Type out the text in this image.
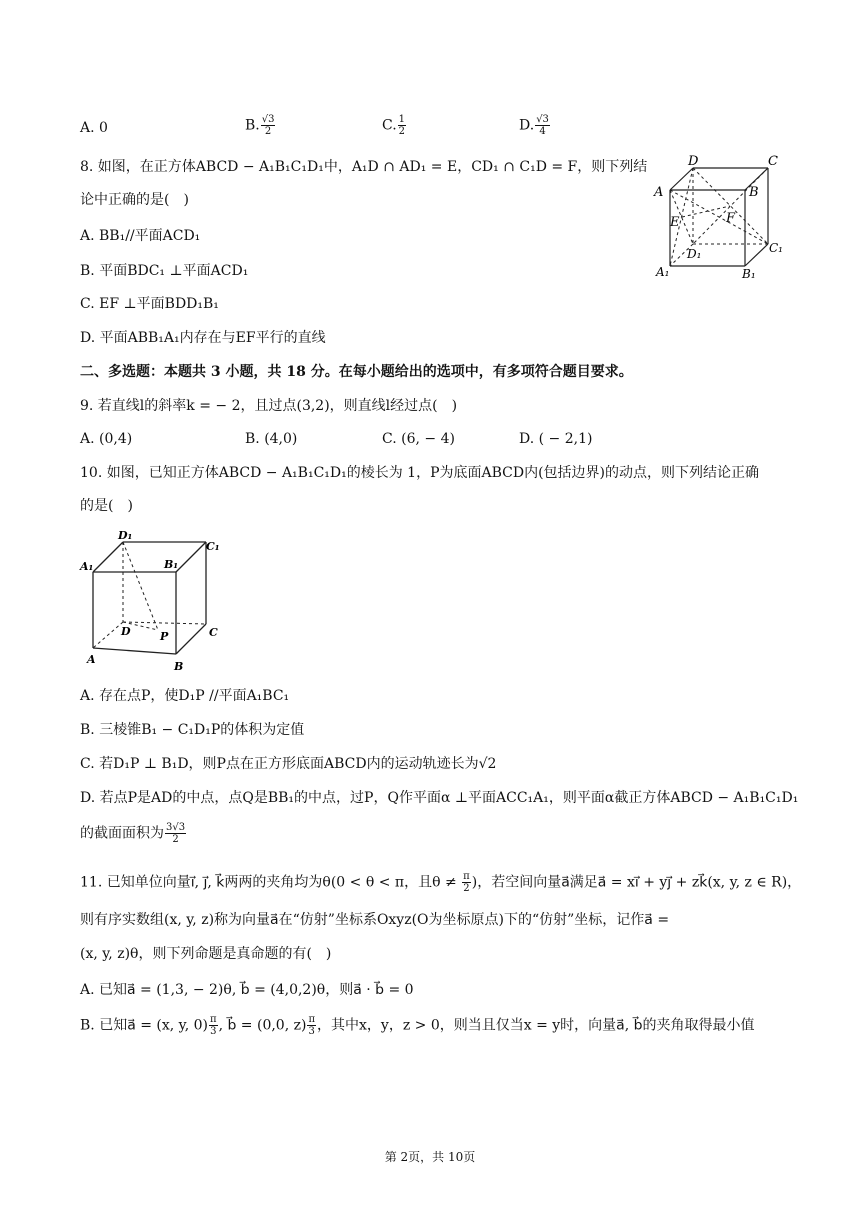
A. 0	B. $\frac{√3}{2}$	C. $\frac{1}{2}$	D. $\frac{√3}{4}$
8. 如图，在正方体ABCD − A₁B₁C₁D₁中，A₁D ∩ AD₁ = E，CD₁ ∩ C₁D = F，则下列结
论中正确的是(　)
A. BB₁//平面ACD₁
B. 平面BDC₁ ⊥平面ACD₁
C. EF ⊥平面BDD₁B₁
D. 平面ABB₁A₁内存在与EF平行的直线
D	C
A	B
E	F
D₁	C₁
A₁	B₁
二、多选题：本题共 3 小题，共 18 分。在每小题给出的选项中，有多项符合题目要求。
9. 若直线l的斜率k = − 2，且过点(3,2)，则直线l经过点(　)
A. (0,4)	B. (4,0)	C. (6, − 4)	D. ( − 2,1)
10. 如图，已知正方体ABCD − A₁B₁C₁D₁的棱长为 1，P为底面ABCD内(包括边界)的动点，则下列结论正确
的是(　)
D₁
C₁
A₁	B₁
D	P	C
A
B
A. 存在点P，使D₁P //平面A₁BC₁
B. 三棱锥B₁ − C₁D₁P的体积为定值
C. 若D₁P ⊥ B₁D，则P点在正方形底面ABCD内的运动轨迹长为√2
D. 若点P是AD的中点，点Q是BB₁的中点，过P，Q作平面α ⊥平面ACC₁A₁，则平面α截正方体ABCD − A₁B₁C₁D₁
的截面面积为 $\frac{3√3}{2}$
11. 已知单位向量i⃗, j⃗, k⃗两两的夹角均为θ(0 < θ < π，且$\theta \ne \frac{\pi}{2}$ )，若空间向量a⃗满足a⃗ = xi⃗ + yj⃗ + zk⃗(x, y, z ∈ R)，
则有序实数组(x, y, z)称为向量a⃗在“仿射”坐标系Oxyz(O为坐标原点)下的“仿射”坐标，记作a⃗ =
(x, y, z)θ，则下列命题是真命题的有(　)
A. 已知a⃗ = (1,3, − 2)θ, b⃗ = (4,0,2)θ，则a⃗ · b⃗ = 0
B. 已知a⃗ = (x, y, $0) \frac{\pi}{3}$ , b⃗ = (0,0, $z) \frac{\pi}{3}$ ，其中x，y，z > 0，则当且仅当x = y时，向量a⃗, b⃗的夹角取得最小值
第 2页，共 10页
